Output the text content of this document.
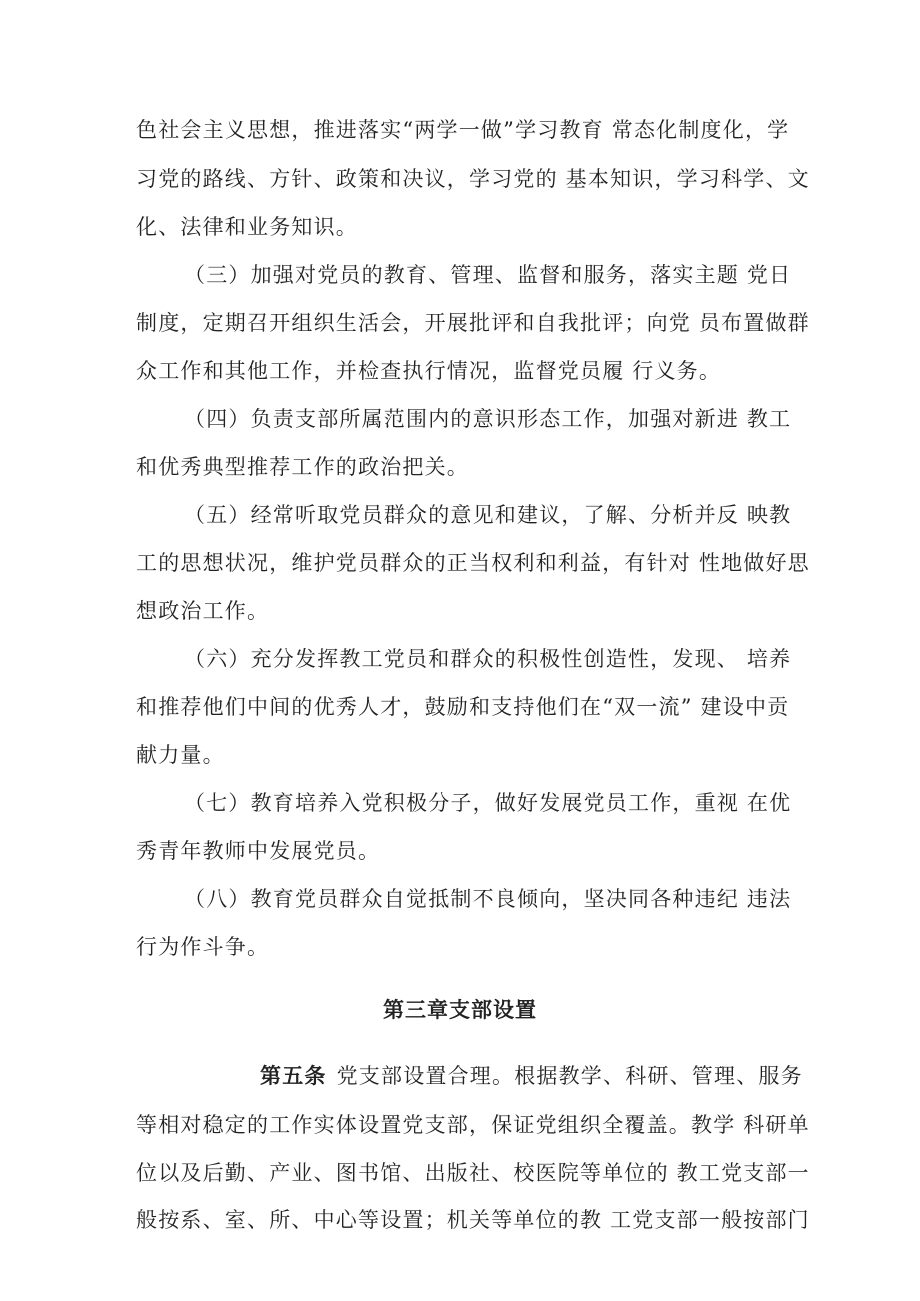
色社会主义思想，推进落实“两学一做”学习教育 常态化制度化，学
习党的路线、方针、政策和决议，学习党的 基本知识，学习科学、文
化、法律和业务知识。
（三）加强对党员的教育、管理、监督和服务，落实主题 党日
制度，定期召开组织生活会，开展批评和自我批评；向党 员布置做群
众工作和其他工作，并检查执行情况，监督党员履 行义务。
（四）负责支部所属范围内的意识形态工作，加强对新进 教工
和优秀典型推荐工作的政治把关。
（五）经常听取党员群众的意见和建议，了解、分析并反 映教
工的思想状况，维护党员群众的正当权利和利益，有针对 性地做好思
想政治工作。
（六）充分发挥教工党员和群众的积极性创造性，发现、 培养
和推荐他们中间的优秀人才，鼓励和支持他们在“双一流” 建设中贡
献力量。
（七）教育培养入党积极分子，做好发展党员工作，重视 在优
秀青年教师中发展党员。
（八）教育党员群众自觉抵制不良倾向，坚决同各种违纪 违法
行为作斗争。
第三章支部设置
第五条 党支部设置合理。根据教学、科研、管理、服务
等相对稳定的工作实体设置党支部，保证党组织全覆盖。教学 科研单
位以及后勤、产业、图书馆、出版社、校医院等单位的 教工党支部一
般按系、室、所、中心等设置；机关等单位的教 工党支部一般按部门
